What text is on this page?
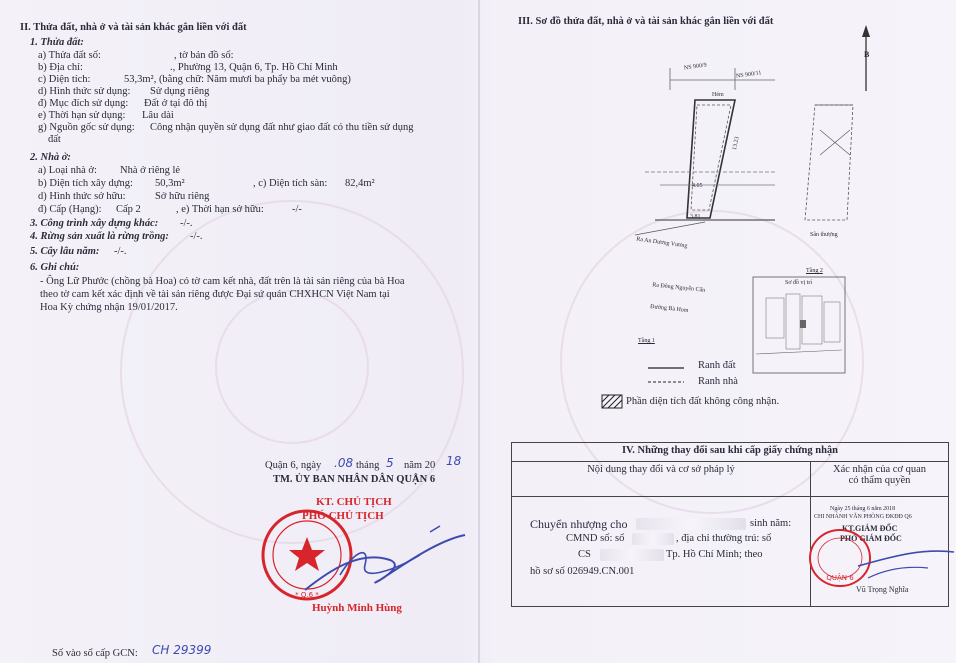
II. Thửa đất, nhà ở và tài sản khác gắn liền với đất
1. Thửa đất:
a) Thửa đất số:	, tờ bản đồ số:
b) Địa chỉ:	., Phường 13, Quận 6, Tp. Hồ Chí Minh
c) Diện tích:	53,3m², (bằng chữ: Năm mươi ba phẩy ba mét vuông)
d) Hình thức sử dụng: Sử dụng riêng
đ) Mục đích sử dụng: Đất ở tại đô thị
e) Thời hạn sử dụng: Lâu dài
g) Nguồn gốc sử dụng: Công nhận quyền sử dụng đất như giao đất có thu tiền sử dụng
đất
2. Nhà ở:
a) Loại nhà ở: Nhà ở riêng lẻ
b) Diện tích xây dựng: 50,3m²	, c) Diện tích sàn: 82,4m²
d) Hình thức sở hữu:	Sở hữu riêng
đ) Cấp (Hạng): Cấp 2	, e) Thời hạn sở hữu:	-/-
3. Công trình xây dựng khác: -/-.
4. Rừng sản xuất là rừng trồng: -/-.
5. Cây lâu năm: -/-.
6. Ghi chú:
- Ông Lữ Phước (chồng bà Hoa) có tờ cam kết nhà, đất trên là tài sản riêng của bà Hoa
theo tờ cam kết xác định về tài sản riêng được Đại sứ quán CHXHCN Việt Nam tại
Hoa Kỳ chứng nhận 19/01/2017.
Quận 6, ngày .08 tháng 5 năm 20 18
TM. ỦY BAN NHÂN DÂN QUẬN 6
KT. CHỦ TỊCH
PHÓ CHỦ TỊCH
Huỳnh Minh Hùng
* Q.6 *
Số vào sổ cấp GCN: CH 29399
III. Sơ đồ thửa đất, nhà ở và tài sản khác gắn liền với đất
B
NS 900/9
NS 900/11
Hẻm
4.05
13.23
3.81
Sân thượng
Ra An Dương Vương
Ra Đông Nguyễn Cẩn
Đường Bà Hom
Tầng 1
Tầng 2
Sơ đồ vị trí
Ranh đất
Ranh nhà
Phần diện tích đất không công nhận.
IV. Những thay đổi sau khi cấp giấy chứng nhận	
Nội dung thay đổi và cơ sở pháp lý	Xác nhận của cơ quan
có thẩm quyền

Chuyển nhượng cho	sinh năm:
CMND số: số	, địa chỉ thường trú: số
CS	Tp. Hồ Chí Minh; theo
hồ sơ số 026949.CN.001
Ngày 25 tháng 6 năm 2018
CHI NHÁNH VĂN PHÒNG ĐKĐĐ Q6
KT.GIÁM ĐỐC
PHÓ GIÁM ĐỐC
Vũ Trọng Nghĩa
QUẬN 6
